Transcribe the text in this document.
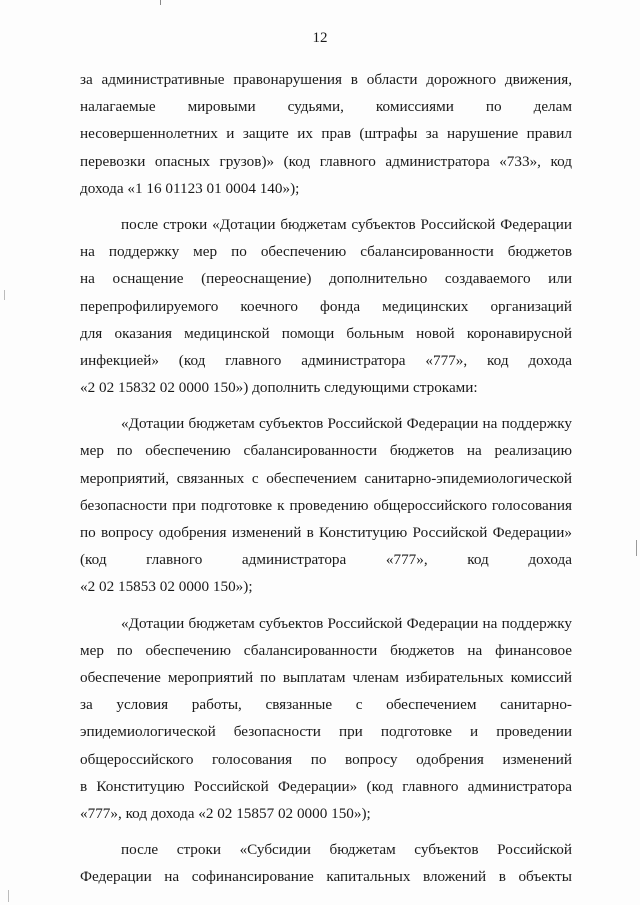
12

за административные правонарушения в области дорожного движения,
налагаемые мировыми судьями, комиссиями по делам
несовершеннолетних и защите их прав (штрафы за нарушение правил
перевозки опасных грузов)» (код главного администратора «733», код
дохода «1 16 01123 01 0004 140»);

после строки «Дотации бюджетам субъектов Российской Федерации
на поддержку мер по обеспечению сбалансированности бюджетов
на оснащение (переоснащение) дополнительно создаваемого или
перепрофилируемого коечного фонда медицинских организаций
для оказания медицинской помощи больным новой коронавирусной
инфекцией» (код главного администратора «777», код дохода
«2 02 15832 02 0000 150») дополнить следующими строками:

«Дотации бюджетам субъектов Российской Федерации на поддержку
мер по обеспечению сбалансированности бюджетов на реализацию
мероприятий, связанных с обеспечением санитарно-эпидемиологической
безопасности при подготовке к проведению общероссийского голосования
по вопросу одобрения изменений в Конституцию Российской Федерации»
(код главного администратора «777», код дохода
«2 02 15853 02 0000 150»);

«Дотации бюджетам субъектов Российской Федерации на поддержку
мер по обеспечению сбалансированности бюджетов на финансовое
обеспечение мероприятий по выплатам членам избирательных комиссий
за условия работы, связанные с обеспечением санитарно-
эпидемиологической безопасности при подготовке и проведении
общероссийского голосования по вопросу одобрения изменений
в Конституцию Российской Федерации» (код главного администратора
«777», код дохода «2 02 15857 02 0000 150»);

после строки «Субсидии бюджетам субъектов Российской
Федерации на софинансирование капитальных вложений в объекты
